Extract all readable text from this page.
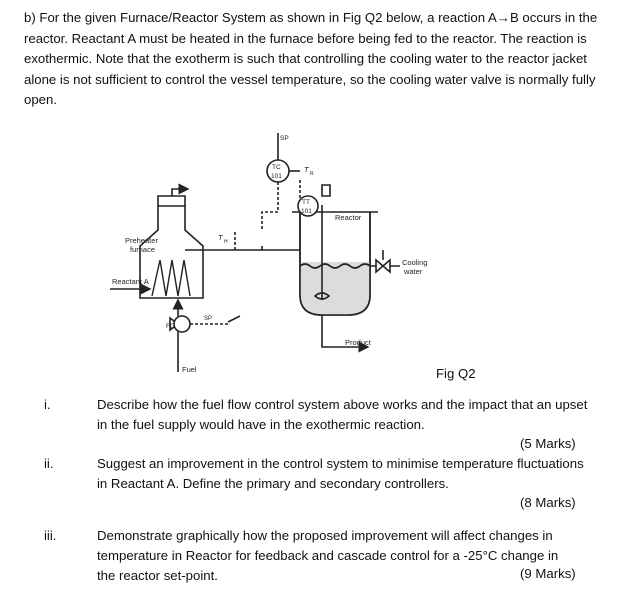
b) For the given Furnace/Reactor System as shown in Fig Q2 below, a reaction A→B occurs in the reactor. Reactant A must be heated in the furnace before being fed to the reactor. The reaction is exothermic. Note that the exotherm is such that controlling the cooling water to the reactor jacket alone is not sufficient to control the vessel temperature, so the cooling water valve is normally fully open.
SP
TC
101
T R
TT
101
Reactor
Preheater
furnace
T H
Cooling
water
Reactant A
FC
SP
Product
Fuel	Fig Q2
i.	Describe how the fuel flow control system above works and the impact that an upset in the fuel supply would have in the exothermic reaction.
(5 Marks)
ii.	Suggest an improvement in the control system to minimise temperature fluctuations in Reactant A. Define the primary and secondary controllers.
(8 Marks)
iii.	Demonstrate graphically how the proposed improvement will affect changes in temperature in Reactor for feedback and cascade control for a -25°C change in the reactor set-point.	(9 Marks)
